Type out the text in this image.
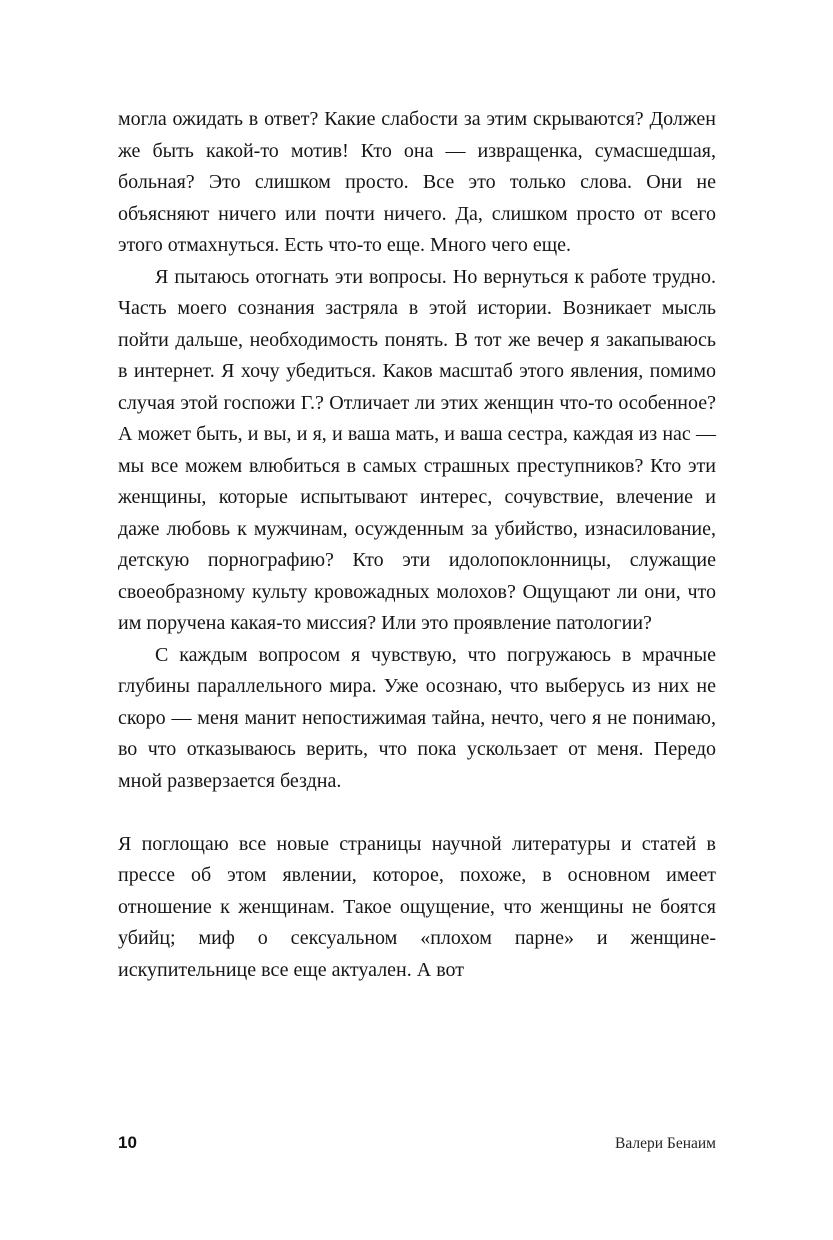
могла ожидать в ответ? Какие слабости за этим скрываются? Должен же быть какой-то мотив! Кто она — извращенка, сумасшедшая, больная? Это слишком просто. Все это только слова. Они не объясняют ничего или почти ничего. Да, слишком просто от всего этого отмахнуться. Есть что-то еще. Много чего еще.

Я пытаюсь отогнать эти вопросы. Но вернуться к работе трудно. Часть моего сознания застряла в этой истории. Возникает мысль пойти дальше, необходимость понять. В тот же вечер я закапываюсь в интернет. Я хочу убедиться. Каков масштаб этого явления, помимо случая этой госпожи Г.? Отличает ли этих женщин что-то особенное? А может быть, и вы, и я, и ваша мать, и ваша сестра, каждая из нас — мы все можем влюбиться в самых страшных преступников? Кто эти женщины, которые испытывают интерес, сочувствие, влечение и даже любовь к мужчинам, осужденным за убийство, изнасилование, детскую порнографию? Кто эти идолопоклонницы, служащие своеобразному культу кровожадных молохов? Ощущают ли они, что им поручена какая-то миссия? Или это проявление патологии?

С каждым вопросом я чувствую, что погружаюсь в мрачные глубины параллельного мира. Уже осознаю, что выберусь из них не скоро — меня манит непостижимая тайна, нечто, чего я не понимаю, во что отказываюсь верить, что пока ускользает от меня. Передо мной разверзается бездна.

Я поглощаю все новые страницы научной литературы и статей в прессе об этом явлении, которое, похоже, в основном имеет отношение к женщинам. Такое ощущение, что женщины не боятся убийц; миф о сексуальном «плохом парне» и женщине-искупительнице все еще актуален. А вот

10	Валери Бенаим
